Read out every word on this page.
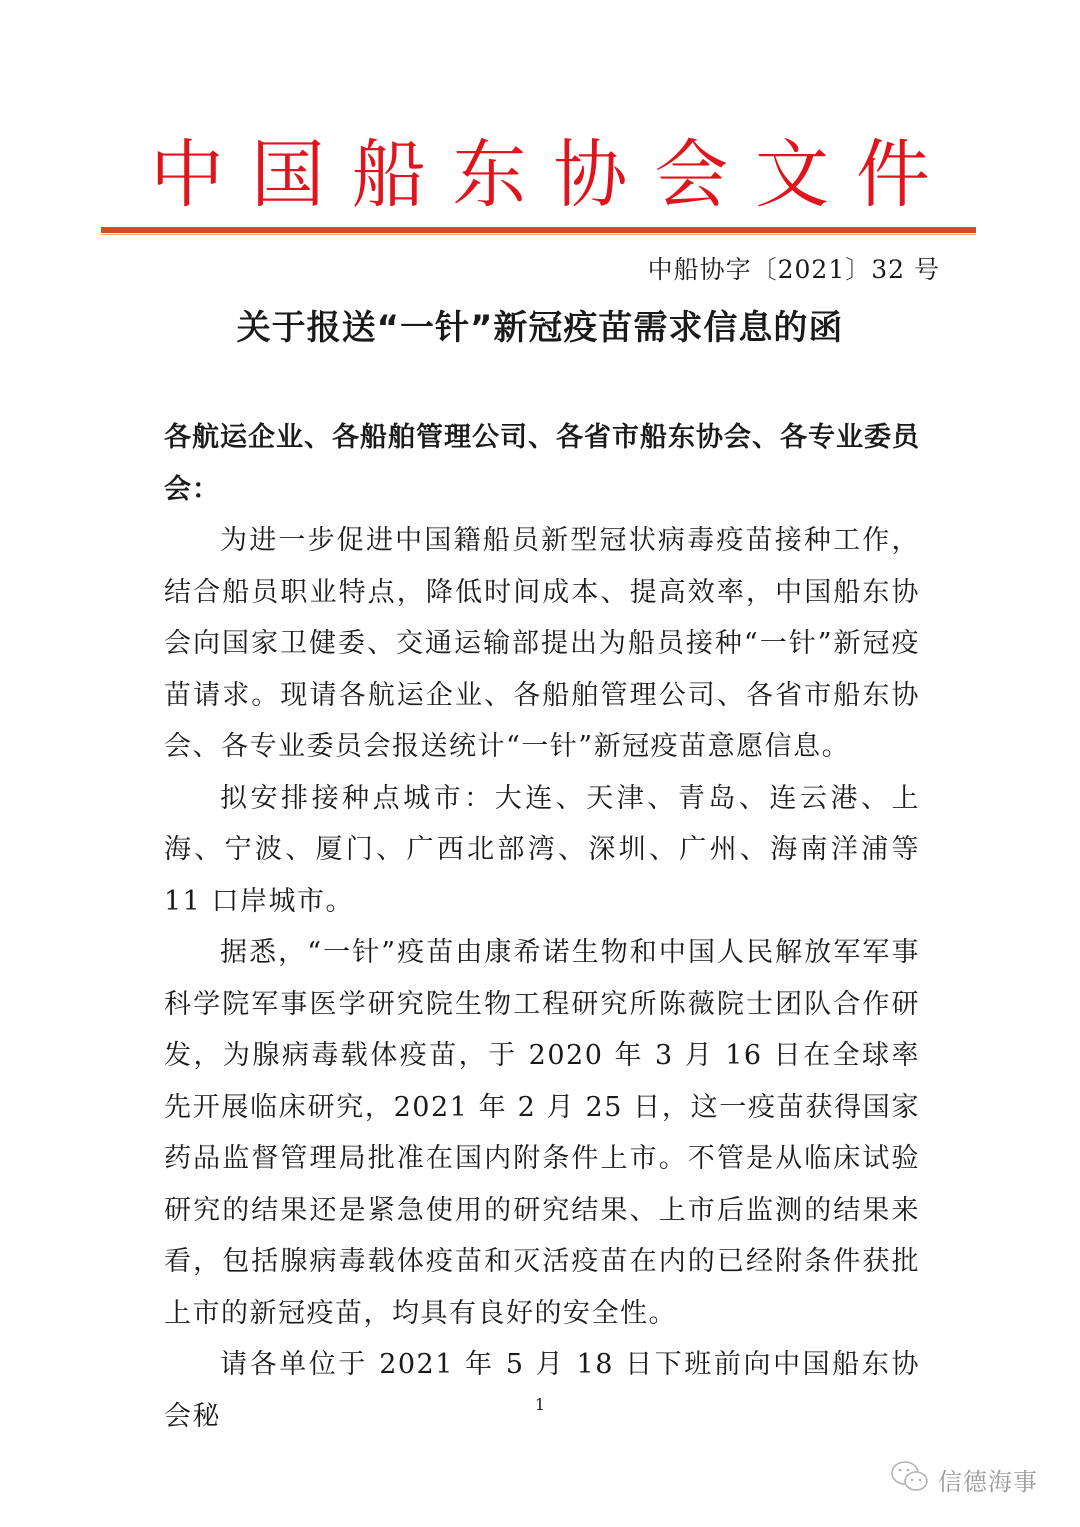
中 国 船 东 协 会 文 件
中船协字〔2021〕32 号
关于报送“一针”新冠疫苗需求信息的函

各航运企业、各船舶管理公司、各省市船东协会、各专业委员会：

为进一步促进中国籍船员新型冠状病毒疫苗接种工作，结合船员职业特点，降低时间成本、提高效率，中国船东协会向国家卫健委、交通运输部提出为船员接种“一针”新冠疫苗请求。现请各航运企业、各船舶管理公司、各省市船东协会、各专业委员会报送统计“一针”新冠疫苗意愿信息。

拟安排接种点城市：大连、天津、青岛、连云港、上海、宁波、厦门、广西北部湾、深圳、广州、海南洋浦等 11 口岸城市。

据悉，“一针”疫苗由康希诺生物和中国人民解放军军事科学院军事医学研究院生物工程研究所陈薇院士团队合作研发，为腺病毒载体疫苗，于 2020 年 3 月 16 日在全球率先开展临床研究，2021 年 2 月 25 日，这一疫苗获得国家药品监督管理局批准在国内附条件上市。不管是从临床试验研究的结果还是紧急使用的研究结果、上市后监测的结果来看，包括腺病毒载体疫苗和灭活疫苗在内的已经附条件获批上市的新冠疫苗，均具有良好的安全性。

请各单位于 2021 年 5 月 18 日下班前向中国船东协会秘	1
信德海事
